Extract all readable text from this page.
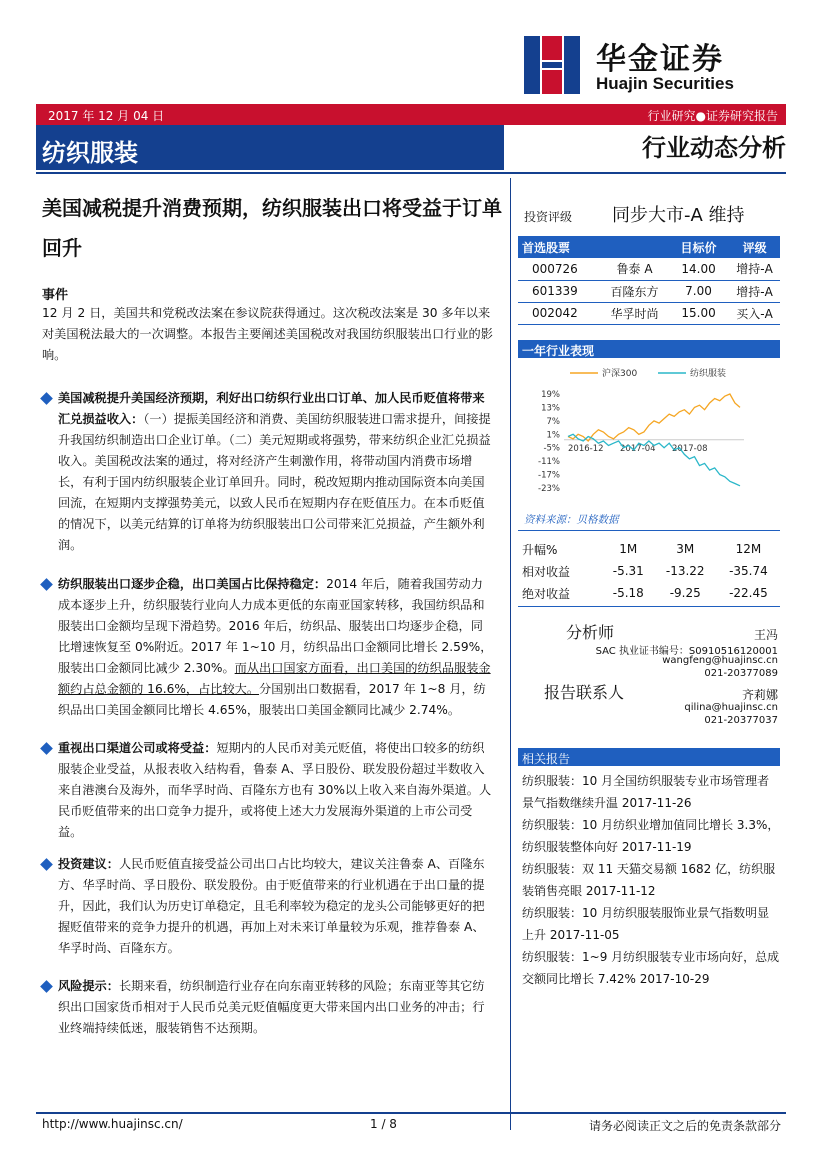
华金证券
Huajin Securities
2017 年 12 月 04 日	行业研究●证券研究报告
纺织服装	行业动态分析
美国减税提升消费预期，纺织服装出口将受益于订单回升
事件
12 月 2 日，美国共和党税改法案在参议院获得通过。这次税改法案是 30 多年以来对美国税法最大的一次调整。本报告主要阐述美国税改对我国纺织服装出口行业的影响。
美国减税提升美国经济预期，利好出口纺织行业出口订单、加人民币贬值将带来汇兑损益收入：（一）提振美国经济和消费、美国纺织服装进口需求提升，间接提升我国纺织制造出口企业订单。（二）美元短期或将强势，带来纺织企业汇兑损益收入。美国税改法案的通过，将对经济产生刺激作用，将带动国内消费市场增长，有利于国内纺织服装企业订单回升。同时，税改短期内推动国际资本向美国回流，在短期内支撑强势美元，以致人民币在短期内存在贬值压力。在本币贬值的情况下，以美元结算的订单将为纺织服装出口公司带来汇兑损益，产生额外利润。
纺织服装出口逐步企稳，出口美国占比保持稳定：2014 年后，随着我国劳动力成本逐步上升，纺织服装行业向人力成本更低的东南亚国家转移，我国纺织品和服装出口金额均呈现下滑趋势。2016 年后，纺织品、服装出口均逐步企稳，同比增速恢复至 0%附近。2017 年 1~10 月，纺织品出口金额同比增长 2.59%，服装出口金额同比减少 2.30%。而从出口国家方面看，出口美国的纺织品服装金额约占总金额的 16.6%，占比较大。分国别出口数据看，2017 年 1~8 月，纺织品出口美国金额同比增长 4.65%，服装出口美国金额同比减少 2.74%。
重视出口渠道公司或将受益：短期内的人民币对美元贬值，将使出口较多的纺织服装企业受益，从报表收入结构看，鲁泰 A、孚日股份、联发股份超过半数收入来自港澳台及海外，而华孚时尚、百隆东方也有 30%以上收入来自海外渠道。人民币贬值带来的出口竞争力提升，或将使上述大力发展海外渠道的上市公司受益。
投资建议：人民币贬值直接受益公司出口占比均较大，建议关注鲁泰 A、百隆东方、华孚时尚、孚日股份、联发股份。由于贬值带来的行业机遇在于出口量的提升，因此，我们认为历史订单稳定，且毛利率较为稳定的龙头公司能够更好的把握贬值带来的竞争力提升的机遇，再加上对未来订单量较为乐观，推荐鲁泰 A、华孚时尚、百隆东方。
风险提示：长期来看，纺织制造行业存在向东南亚转移的风险；东南亚等其它纺织出口国家货币相对于人民币兑美元贬值幅度更大带来国内出口业务的冲击；行业终端持续低迷，服装销售不达预期。
投资评级 同步大市-A 维持
首选股票		目标价	评级
000726	鲁泰 A	14.00	增持-A
601339	百隆东方	7.00	增持-A
002042	华孚时尚	15.00	买入-A
一年行业表现
沪深300	纺织服装
19%
13%
7%
1%
-5%
-11%
-17%
-23%
2016-12 2017-04 2017-08
资料来源：贝格数据
升幅%	1M	3M	12M
相对收益	-5.31	-13.22	-35.74
绝对收益	-5.18	-9.25	-22.45
分析师	王冯
SAC 执业证书编号：S0910516120001
wangfeng@huajinsc.cn
021-20377089
报告联系人	齐莉娜
qilina@huajinsc.cn
021-20377037
相关报告
纺织服装：10 月全国纺织服装专业市场管理者景气指数继续升温 2017-11-26
纺织服装：10 月纺织业增加值同比增长 3.3%，纺织服装整体向好 2017-11-19
纺织服装：双 11 天猫交易额 1682 亿，纺织服装销售亮眼 2017-11-12
纺织服装：10 月纺织服装服饰业景气指数明显上升 2017-11-05
纺织服装：1~9 月纺织服装专业市场向好，总成交额同比增长 7.42% 2017-10-29
http://www.huajinsc.cn/	1 / 8	请务必阅读正文之后的免责条款部分
